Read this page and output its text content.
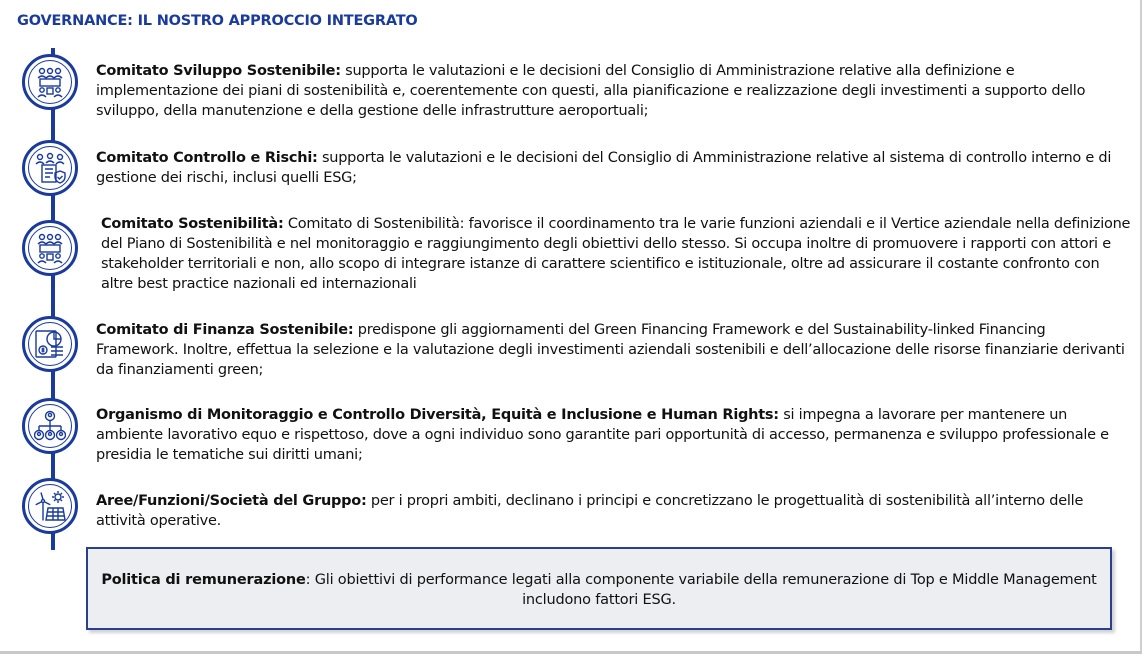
GOVERNANCE: IL NOSTRO APPROCCIO INTEGRATO
Comitato Sviluppo Sostenibile: supporta le valutazioni e le decisioni del Consiglio di Amministrazione relative alla definizione e implementazione dei piani di sostenibilità e, coerentemente con questi, alla pianificazione e realizzazione degli investimenti a supporto dello sviluppo, della manutenzione e della gestione delle infrastrutture aeroportuali;
Comitato Controllo e Rischi: supporta le valutazioni e le decisioni del Consiglio di Amministrazione relative al sistema di controllo interno e di gestione dei rischi, inclusi quelli ESG;
Comitato Sostenibilità: Comitato di Sostenibilità: favorisce il coordinamento tra le varie funzioni aziendali e il Vertice aziendale nella definizione del Piano di Sostenibilità e nel monitoraggio e raggiungimento degli obiettivi dello stesso. Si occupa inoltre di promuovere i rapporti con attori e stakeholder territoriali e non, allo scopo di integrare istanze di carattere scientifico e istituzionale, oltre ad assicurare il costante confronto con altre best practice nazionali ed internazionali
Comitato di Finanza Sostenibile: predispone gli aggiornamenti del Green Financing Framework e del Sustainability-linked Financing Framework. Inoltre, effettua la selezione e la valutazione degli investimenti aziendali sostenibili e dell’allocazione delle risorse finanziarie derivanti da finanziamenti green;
Organismo di Monitoraggio e Controllo Diversità, Equità e Inclusione e Human Rights: si impegna a lavorare per mantenere un ambiente lavorativo equo e rispettoso, dove a ogni individuo sono garantite pari opportunità di accesso, permanenza e sviluppo professionale e presidia le tematiche sui diritti umani;
Aree/Funzioni/Società del Gruppo: per i propri ambiti, declinano i principi e concretizzano le progettualità di sostenibilità all’interno delle attività operative.
Politica di remunerazione: Gli obiettivi di performance legati alla componente variabile della remunerazione di Top e Middle Management includono fattori ESG.
